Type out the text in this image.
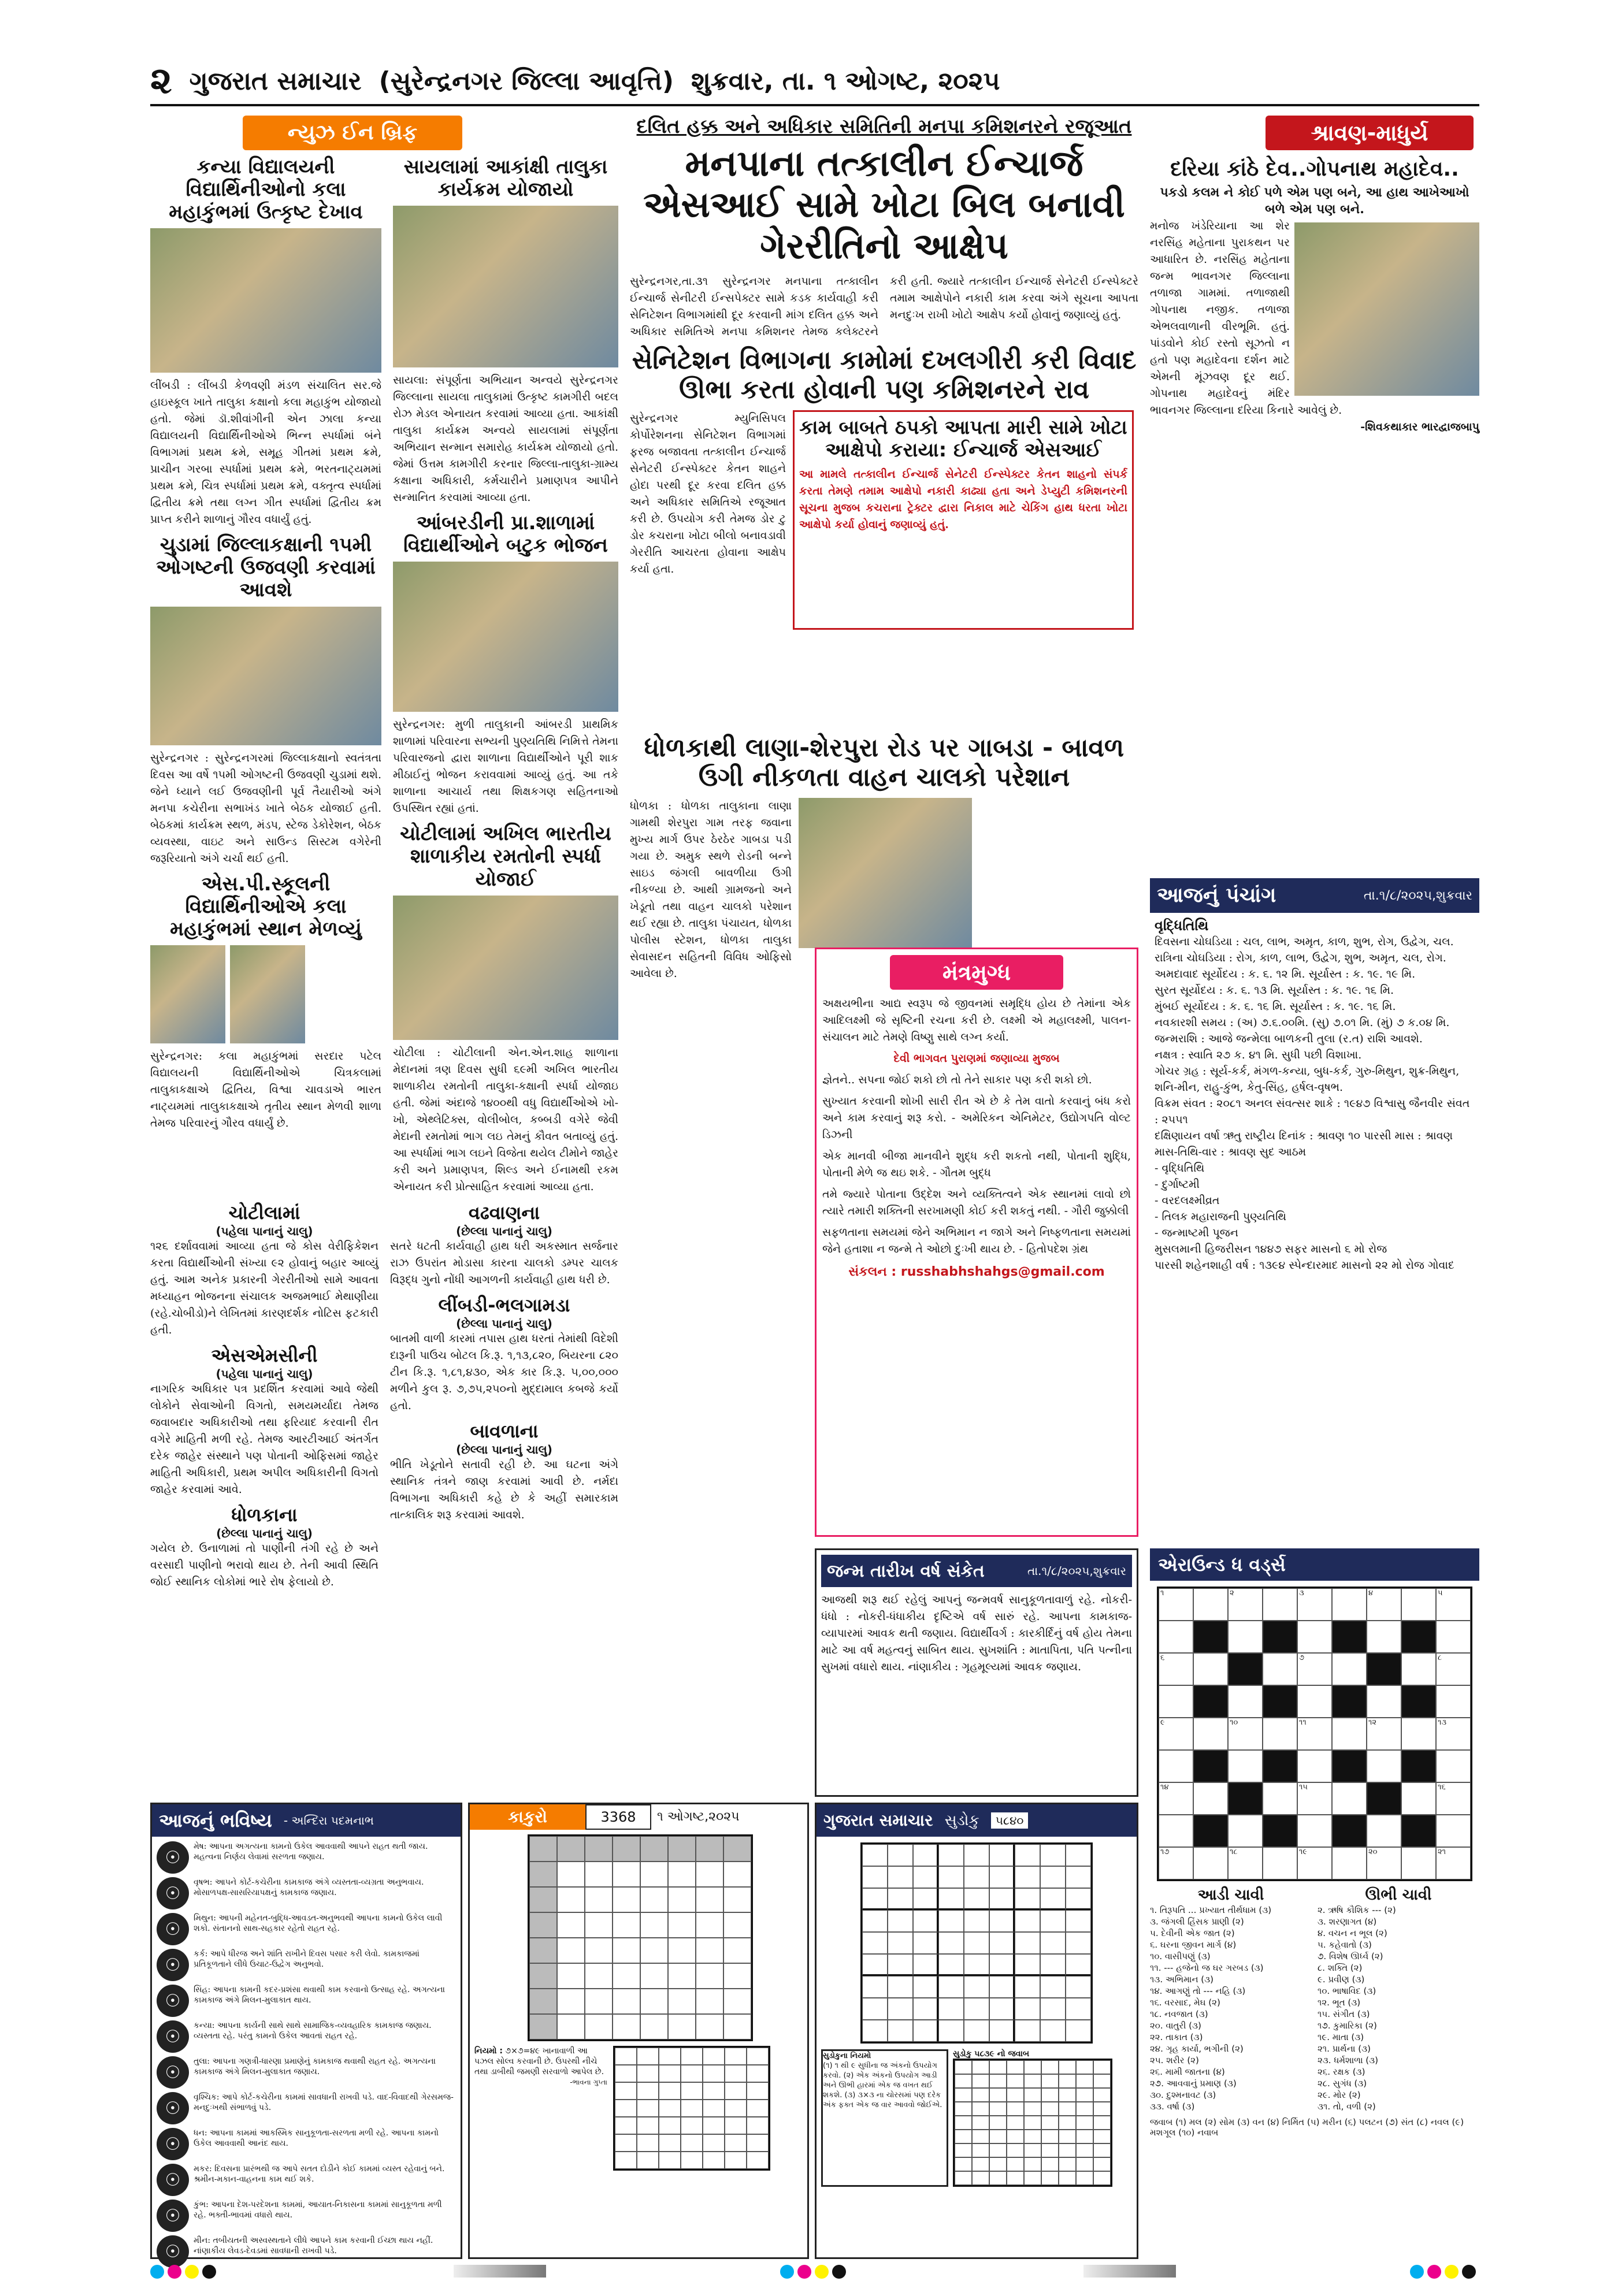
૨ ગુજરાત સમાચાર (સુરેન્દ્રનગર જિલ્લા આવૃત્તિ) શુક્રવાર, તા. ૧ ઓગષ્ટ, ૨૦૨૫
ન્યુઝ ઈન બ્રિફ

કન્યા વિદ્યાલયની વિદ્યાર્થિનીઓનો કલા મહાકુંભમાં ઉત્કૃષ્ટ દેખાવ

લીંબડી : લીંબડી કેળવણી મંડળ સંચાલિત સર.જે હાઇસ્કૂલ ખાતે તાલુકા કક્ષાનો કલા મહાકુંભ યોજાયો હતો. જેમાં ડૉ.શીવાંગીની એન ઝાલા કન્યા વિદ્યાલયની વિદ્યાર્થિનીઓએ ભિન્ન સ્પર્ધામાં બંને વિભાગમાં પ્રથમ ક્રમે, સમૂહ ગીતમાં પ્રથમ ક્રમે, પ્રાચીન ગરબા સ્પર્ધામાં પ્રથમ ક્રમે, ભરતનાટ્યમમાં પ્રથમ ક્રમે, ચિત્ર સ્પર્ધામાં પ્રથમ ક્રમે, વક્તૃત્વ સ્પર્ધામાં દ્વિતીય ક્રમે તથા લગ્ન ગીત સ્પર્ધામાં દ્વિતીય ક્રમ પ્રાપ્ત કરીને શાળાનું ગૌરવ વધાર્યું હતું.

ચુડામાં જિલ્લાકક્ષાની ૧૫મી ઓગષ્ટની ઉજવણી કરવામાં આવશે

સુરેન્દ્રનગર : સુરેન્દ્રનગરમાં જિલ્લાકક્ષાનો સ્વતંત્રતા દિવસ આ વર્ષે ૧૫મી ઓગષ્ટની ઉજવણી ચુડામાં થશે. જેને ધ્યાને લઈ ઉજવણીની પૂર્વ તૈયારીઓ અંગે મનપા કચેરીના સભાખંડ ખાતે બેઠક યોજાઈ હતી. બેઠકમાં કાર્યક્રમ સ્થળ, મંડપ, સ્ટેજ ડેકોરેશન, બેઠક વ્યવસ્થા, વાઇટ અને સાઉન્ડ સિસ્ટમ વગેરેની જરૂરિયાતો અંગે ચર્ચા થઈ હતી.

એસ.પી.સ્કૂલની વિદ્યાર્થિનીઓએ કલા મહાકુંભમાં સ્થાન મેળવ્યું

સુરેન્દ્રનગર: કલા મહાકુંભમાં સરદાર પટેલ વિદ્યાલયની વિદ્યાર્થિનીઓએ ચિત્રકલામાં તાલુકાકક્ષાએ દ્વિતિય, વિશ્વા ચાવડાએ ભારત નાટ્યમમાં તાલુકાકક્ષાએ તૃતીય સ્થાન મેળવી શાળા તેમજ પરિવારનું ગૌરવ વધાર્યું છે.

સાયલામાં આકાંક્ષી તાલુકા કાર્યક્રમ યોજાયો

સાયલા: સંપૂર્ણતા અભિયાન અન્વયે સુરેન્દ્રનગર જિલ્લાના સાયલા તાલુકામાં ઉત્કૃષ્ટ કામગીરી બદલ રોઝ મેડલ એનાયત કરવામાં આવ્યા હતા. આકાંક્ષી તાલુકા કાર્યક્રમ અન્વયે સાયલામાં સંપૂર્ણતા અભિયાન સન્માન સમારોહ કાર્યક્રમ યોજાયો હતો. જેમાં ઉત્તમ કામગીરી કરનાર જિલ્લા-તાલુકા-ગ્રામ્ય કક્ષાના અધિકારી, કર્મચારીને પ્રમાણપત્ર આપીને સન્માનિત કરવામાં આવ્યા હતા.

આંબરડીની પ્રા.શાળામાં વિદ્યાર્થીઓને બટુક ભોજન

સુરેન્દ્રનગર: મુળી તાલુકાની આંબરડી પ્રાથમિક શાળામાં પરિવારના સભ્યની પુણ્યતિથિ નિમિત્તે તેમના પરિવારજનો દ્વારા શાળાના વિદ્યાર્થીઓને પૂરી શાક મીઠાઈનું ભોજન કરાવવામાં આવ્યું હતું. આ તકે શાળાના આચાર્ય તથા શિક્ષકગણ સહિતનાઓ ઉપસ્થિત રહ્યાં હતાં.

ચોટીલામાં અખિલ ભારતીય શાળાકીય રમતોની સ્પર્ધા યોજાઈ

ચોટીલા : ચોટીલાની એન.એન.શાહ શાળાના મેદાનમાં ત્રણ દિવસ સુધી ૬૯મી અખિલ ભારતીય શાળાકીય રમતોની તાલુકા-કક્ષાની સ્પર્ધા યોજાઇ હતી. જેમાં અંદાજે ૧૪૦૦થી વધુ વિદ્યાર્થીઓએ ખો-ખો, એથ્લેટિક્સ, વોલીબોલ, કબ્બડી વગેરે જેવી મેદાની રમતોમાં ભાગ લઇ તેમનું કૌવત બતાવ્યું હતું. આ સ્પર્ધામાં ભાગ લઇને વિજેતા થયેલ ટીમોને જાહેર કરી અને પ્રમાણપત્ર, શિલ્ડ અને ઈનામથી રકમ એનાયત કરી પ્રોત્સાહિત કરવામાં આવ્યા હતા.

દલિત હક્ક અને અધિકાર સમિતિની મનપા કમિશનરને રજૂઆત

મનપાના તત્કાલીન ઈન્ચાર્જ એસઆઈ સામે ખોટા બિલ બનાવી ગેરરીતિનો આક્ષેપ

સુરેન્દ્રનગર,તા.૩૧ સુરેન્દ્રનગર મનપાના તત્કાલીન ઈન્ચાર્જ સેનીટરી ઈન્સપેક્ટર સામે કડક કાર્યવાહી કરી સેનિટેશન વિભાગમાંથી દૂર કરવાની માંગ દલિત હક્ક અને અધિકાર સમિતિએ મનપા કમિશનર તેમજ કલેક્ટરને કરી હતી. જ્યારે તત્કાલીન ઈન્ચાર્જ સેનેટરી ઈન્સ્પેક્ટરે તમામ આક્ષેપોને નકારી કામ કરવા અંગે સૂચના આપતા મનદુઃખ રાખી ખોટો આક્ષેપ કર્યો હોવાનું જણાવ્યું હતું.

સેનિટેશન વિભાગના કામોમાં દખલગીરી કરી વિવાદ ઊભા કરતા હોવાની પણ કમિશનરને રાવ

સુરેન્દ્રનગર મ્યુનિસિપલ કોર્પોરેશનના સેનિટેશન વિભાગમાં ફરજ બજાવતા તત્કાલીન ઈન્ચાર્જ સેનેટરી ઈન્સ્પેક્ટર કેતન શાહને હોદા પરથી દૂર કરવા દલિત હક્ક અને અધિકાર સમિતિએ રજૂઆત કરી છે. ઉપયોગ કરી તેમજ ડોર ટુ ડોર કચરાના ખોટા બીલો બનાવડાવી ગેરરીતિ આચરતા હોવાના આક્ષેપ કર્યા હતા.

કામ બાબતે ઠપકો આપતા મારી સામે ખોટા આક્ષેપો કરાયા: ઈન્ચાર્જ એસઆઈ

આ મામલે તત્કાલીન ઈન્ચાર્જ સેનેટરી ઈન્સ્પેક્ટર કેતન શાહનો સંપર્ક કરતા તેમણે તમામ આક્ષેપો નકારી કાઢ્યા હતા અને ડેપ્યુટી કમિશનરની સૂચના મુજબ કચરાના ટ્રેક્ટર દ્વારા નિકાલ માટે ચેકિંગ હાથ ધરતા ખોટા આક્ષેપો કર્યા હોવાનું જણાવ્યું હતું.

ધોળકાથી લાણા-શેરપુરા રોડ પર ગાબડા - બાવળ ઉગી નીકળતા વાહન ચાલકો પરેશાન

ધોળકા : ધોળકા તાલુકાના લાણા ગામથી શેરપુરા ગામ તરફ જવાના મુખ્ય માર્ગ ઉપર ઠેરઠેર ગાબડા પડી ગયા છે. અમુક સ્થળે રોડની બન્ને સાઇડ જંગલી બાવળીયા ઉગી નીકળ્યા છે. આથી ગ્રામજનો અને ખેડૂતો તથા વાહન ચાલકો પરેશાન થઈ રહ્યા છે. તાલુકા પંચાયત, ધોળકા પોલીસ સ્ટેશન, ધોળકા તાલુકા સેવાસદન સહિતની વિવિધ ઓફિસો આવેલા છે.

શ્રાવણ-માધુર્ય

દરિયા કાંઠે દેવ..ગોપનાથ મહાદેવ..

પકડો કલમ ને કોઈ પળે એમ પણ બને, આ હાથ આખેઆખો બળે એમ પણ બને.

મનોજ ખંડેરિયાના આ શેર નરસિંહ મહેતાના પુરાકથન પર આધારિત છે. નરસિંહ મહેતાના જન્મ ભાવનગર જિલ્લાના તળાજા ગામમાં. તળાજાથી ગોપનાથ નજીક. તળાજા એભલવાળાની વીરભૂમિ. હતું. પાંડવોને કોઈ રસ્તો સૂઝતો ન હતો પણ મહાદેવના દર્શન માટે એમની મૂંઝવણ દૂર થઈ. ગોપનાથ મહાદેવનું મંદિર ભાવનગર જિલ્લાના દરિયા કિનારે આવેલું છે.

-શિવકથાકાર ભારદ્વાજબાપુ

આજનું પંચાંગ	તા.૧/૮/૨૦૨૫,શુક્રવાર
વૃદ્ધિતિથિ
દિવસના ચોઘડિયા : ચલ, લાભ, અમૃત, કાળ, શુભ, રોગ, ઉદ્વેગ, ચલ.
રાત્રિના ચોઘડિયા : રોગ, કાળ, લાભ, ઉદ્વેગ, શુભ, અમૃત, ચલ, રોગ.
અમદાવાદ સૂર્યોદય : ક. ૬. ૧૨ મિ. સૂર્યાસ્ત : ક. ૧૯. ૧૯ મિ.
સુરત સૂર્યોદય : ક. ૬. ૧૩ મિ. સૂર્યાસ્ત : ક. ૧૯. ૧૬ મિ.
મુંબઈ સૂર્યોદય : ક. ૬. ૧૬ મિ. સૂર્યાસ્ત : ક. ૧૯. ૧૬ મિ.
નવકારશી સમય : (અ) ૭.૬.૦૦મિ. (સુ) ૭.૦૧ મિ. (મું) ૭ ક.૦૪ મિ.
જન્મરાશિ : આજે જન્મેલા બાળકની તુલા (ર.ત) રાશિ આવશે.
નક્ષત્ર : સ્વાતિ ૨૭ ક. ૪૧ મિ. સુધી પછી વિશાખા.
ગોચર ગ્રહ : સૂર્ય-કર્ક, મંગળ-કન્યા, બુધ-કર્ક, ગુરુ-મિથુન, શુક્ર-મિથુન, શનિ-મીન, રાહુ-કુંભ, કેતુ-સિંહ, હર્ષલ-વૃષભ.
વિક્રમ સંવત : ૨૦૮૧ અનલ સંવત્સર શાકે : ૧૯૪૭ વિશ્વાસુ જૈનવીર સંવત : ૨૫૫૧
દક્ષિણાયન વર્ષા ઋતુ રાષ્ટ્રીય દિનાંક : શ્રાવણ ૧૦ પારસી માસ : શ્રાવણ
માસ-તિથિ-વાર : શ્રાવણ સુદ આઠમ
- વૃદ્ધિતિથિ
- દુર્ગાષ્ટમી
- વરદલક્ષ્મીવ્રત
- તિલક મહારાજની પુણ્યતિથિ
- જન્માષ્ટમી પૂજન
મુસલમાની હિજરીસન ૧૪૪૭ સફર માસનો ૬ મો રોજ
પારસી શહેનશાહી વર્ષ : ૧૩૯૪ સ્પેન્દારમાદ માસનો ૨૨ મો રોજ ગોવાદ

ચોટીલામાં

(પહેલા પાનાનું ચાલુ)

૧૨૬ દર્શાવવામાં આવ્યા હતા જે કોસ વેરીફિકેશન કરતા વિદ્યાર્થીઓની સંખ્યા ૯૨ હોવાનું બહાર આવ્યું હતું. આમ અનેક પ્રકારની ગેરરીતીઓ સામે આવતા મધ્યાહન ભોજનના સંચાલક અજમભાઈ મેથાણીયા (રહે.ચોબીડો)ને લેખિતમાં કારણદર્શક નોટિસ ફટકારી હતી.

એસએમસીની

(પહેલા પાનાનું ચાલુ)

નાગરિક અધિકાર પત્ર પ્રદર્શિત કરવામાં આવે જેથી લોકોને સેવાઓની વિગતો, સમયમર્યાદા તેમજ જવાબદાર અધિકારીઓ તથા ફરિયાદ કરવાની રીત વગેરે માહિતી મળી રહે. તેમજ આરટીઆઈ અંતર્ગત દરેક જાહેર સંસ્થાને પણ પોતાની ઓફિસમાં જાહેર માહિતી અધિકારી, પ્રથમ અપીલ અધિકારીની વિગતો જાહેર કરવામાં આવે.

ધોળકાના

(છેલ્લા પાનાનું ચાલુ)

ગયેલ છે. ઉનાળામાં તો પાણીની તંગી રહે છે અને વરસાદી પાણીનો ભરાવો થાય છે. તેની આવી સ્થિતિ જોઈ સ્થાનિક લોકોમાં ભારે રોષ ફેલાયો છે.

વઢવાણના

(છેલ્લા પાનાનું ચાલુ)

સતરે ધટતી કાર્યવાહી હાથ ધરી અકસ્માત સર્જનાર રાઝ ઉપરાંત મોડાસા કારના ચાલકો ડમ્પર ચાલક વિરૂદ્ધ ગુનો નોંધી આગળની કાર્યવાહી હાથ ધરી છે.

લીંબડી-ભલગામડા

(છેલ્લા પાનાનું ચાલુ)

બાતમી વાળી કારમાં તપાસ હાથ ધરતાં તેમાંથી વિદેશી દારૂની પાઉચ બોટલ કિ.રૂ. ૧,૧૩,૮૨૦, બિયરના ૮૨૦ ટીન કિ.રૂ. ૧,૮૧,૪૩૦, એક કાર કિ.રૂ. ૫,૦૦,૦૦૦ મળીને કુલ રૂ. ૭,૭૫,૨૫૦નો મુદ્દામાલ કબજે કર્યો હતો.

બાવળાના

(છેલ્લા પાનાનું ચાલુ)

ભીતિ ખેડૂતોને સતાવી રહી છે. આ ઘટના અંગે સ્થાનિક તંત્રને જાણ કરવામાં આવી છે. નર્મદા વિભાગના અધિકારી કહે છે કે અહીં સમારકામ તાત્કાલિક શરૂ કરવામાં આવશે.

મંત્રમુગ્ધ

અક્ષયભીના આદ્ય સ્વરૂપ જે જીવનમાં સમૃદ્ધિ હોય છે તેમાંના એક આદિલક્ષ્મી જે સૃષ્ટિની રચના કરી છે. લક્ષ્મી એ મહાલક્ષ્મી, પાલન-સંચાલન માટે તેમણે વિષ્ણુ સાથે લગ્ન કર્યા.

દેવી ભાગવત પુરાણમાં જણાવ્યા મુજબ

જ્ઞેતને.. સપના જોઈ શકો છો તો તેને સાકાર પણ કરી શકો છો.

સુખ્યાત કરવાની શોખી સારી રીત એ છે કે તેમ વાતો કરવાનું બંધ કરો અને કામ કરવાનું શરૂ કરો. - અમેરિકન એનિમેટર, ઉદ્યોગપતિ વોલ્ટ ડિઝની

એક માનવી બીજા માનવીને શુદ્ધ કરી શકતો નથી, પોતાની શુદ્ધિ, પોતાની મેળે જ થઇ શકે. - ગૌતમ બુદ્ધ

તમે જ્યારે પોતાના ઉદ્દેશ અને વ્યક્તિત્વને એક સ્થાનમાં લાવો છો ત્યારે તમારી શક્તિની સરખામણી કોઈ કરી શકતું નથી. - ગૌરી જુક્કોલી

સફળતાના સમયમાં જેને અભિમાન ન જાગે અને નિષ્ફળતાના સમયમાં જેને હતાશા ન જન્મે તે ઓછો દુઃખી થાય છે. - હિતોપદેશ ગ્રંથ

સંકલન : russhabhshahgs@gmail.com
જન્મ તારીખ વર્ષ સંકેત	તા.૧/૮/૨૦૨૫,શુક્રવાર

આજથી શરૂ થઈ રહેલું આપનું જન્મવર્ષ સાનુકૂળતાવાળું રહે. નોકરી-ધંધો : નોકરી-ધંધાકીય દૃષ્ટિએ વર્ષ સારું રહે. આપના કામકાજ-વ્યાપારમાં આવક થતી જણાય. વિદ્યાર્થીવર્ગ : કારકીર્દિનું વર્ષ હોય તેમના માટે આ વર્ષ મહત્વનું સાબિત થાય. સુખશાંતિ : માતાપિતા, પતિ પત્નીના સુખમાં વધારો થાય. નાંણાકીય : ગૃહમૂલ્યમાં આવક જણાય.

એરાઉન્ડ ધ વર્ડ્સ
૧	૨	૩	૪	૫
૬	૭	૮
૯	૧૦	૧૧	૧૨	૧૩
૧૪	૧૫	૧૬
૧૭	૧૮	૧૯	૨૦	૨૧

આડી ચાવી

૧. તિરૂપતિ ... પ્રખ્યાત તીર્થધામ (૩)
૩. જંગલી હિંસક પ્રાણી (૨)
૫. દેવીની એક જાત (૨)
૬. ઘરના જીવન માર્ગ (૪)
૧૦. વાસીપણું (૩)
૧૧. --- હજેનો જ ઘર ગરબડ (૩)
૧૩. અભિમાન (૩)
૧૪. આગણું તો --- નહિ (૩)
૧૬. વરસાદ, મેઘ (૨)
૧૮. નવજાત (૩)
૨૦. વાતુરી (૩)
૨૨. તાકાત (૩)
૨૪. ગૃહ કાર્યા, ભગીની (૨)
૨૫. શરીર (૨)
૨૬. મામી જાતના (૪)
૨૭. આવવાનું પ્રમાણ (૩)
૩૦. દુશ્મનાવટ (૩)
૩૩. વર્ષા (૩)

ઊભી ચાવી

૨. ઋષિ કૌશિક --- (૨)
૩. શરણાગત (૪)
૪. વચન ન ભૂલ (૨)
૫. કહેવાતો (૩)
૭. વિશેષ ઊર્ધ્વ (૨)
૮. શક્તિ (૨)
૯. પ્રવીણ (૩)
૧૦. ભાષાવિદ (૩)
૧૨. ભૂત (૩)
૧૫. સંગીત (૩)
૧૭. કુમારિકા (૨)
૧૯. માતા (૩)
૨૧. પ્રાર્થના (૩)
૨૩. ધર્મશાળા (૩)
૨૬. રક્ષક (૩)
૨૮. સુગંધ (૩)
૨૯. મોર (૨)
૩૧. તો, વળી (૨)

જવાબ (૧) મલ (૨) સોમ (૩) વન (૪) નિર્મિત (૫) મરીન (૬) પલટન (૭) સંત (૮) નવલ (૯) મશગૂલ (૧૦) નવાબ

આજનું ભવિષ્ય - અન્દિરા પદમનાભ
☉
મેષ: આપના અગત્યના કામનો ઉકેલ આવવાથી આપને રાહત થતી જાય. મહત્વના નિર્ણય લેવામાં સરળતા જણાય.
☉
વૃષભ: આપને કોર્ટ-કચેરીના કામકાજ અંગે વ્યસ્તતા-વ્યગ્રતા અનુભવાય. મોસાળપક્ષ-સાસરિયાપક્ષનું કામકાજ જણાય.
☉
મિથુન: આપની મહેનત-બુદ્ધિ-આવડત-અનુભવથી આપના કામનો ઉકેલ લાવી શકો. સંતાનનો સાથ-સહકાર રહેતો રાહત રહે.
☉
કર્ક: આપે ધીરજ અને શાંતિ રાખીને દિવસ પસાર કરી લેવો. કામકાજમાં પ્રતિકૂળતાને લીધે ઉચાટ-ઉદ્વેગ અનુભવો.
☉
સિંહ: આપના કામની કદર-પ્રશંસા થવાથી કામ કરવાનો ઉત્સાહ રહે. અગત્યના કામકાજ અંગે મિલન-મુલાકાત થાય.
☉
કન્યા: આપના કાર્યની સાથે સાથે સામાજિક-વ્યવહારિક કામકાજ જણાય. વ્યસ્તતા રહે. પરંતુ કામનો ઉકેલ આવતાં રાહત રહે.
☉
તુલા: આપના ગણત્રી-ધારણા પ્રમાણેનું કામકાજ થવાથી રાહત રહે. અગત્યના કામકાજ અંગે મિલન-મુલાકાત જણાય.
☉
વૃશ્ચિક: આપે કોર્ટ-કચેરીના કામમાં સાવધાની રાખવી પડે. વાદ-વિવાદથી ગેરસમજ-મનદુઃખથી સંભાળવું પડે.
☉
ધન: આપના કામમાં આકસ્મિક સાનુકૂળતા-સરળતા મળી રહે. આપના કામનો ઉકેલ આવવાથી આનંદ થાય.
☉
મકર: દિવસના પ્રારંભથી જ આપે સતત દોડીને કોઈ કામમાં વ્યસ્ત રહેવાનું બને. શ્રમીન-મકાન-વાહનના કામ થઈ શકે.
☉
કુંભ: આપના દેશ-પરદેશના કામમાં, આયાત-નિકાસના કામમાં સાનુકૂળતા મળી રહે. ભક્તી-ભાવમાં વધારો થાય.
☉
મીન: તબીયતની અસ્વસ્થતાને લીધે આપને કામ કરવાની ઈચ્છા થાય નહીં. નાંણાકીય લેવડ-દેવડમાં સાવધાની રાખવી પડે.
કાકુરો	3368	૧ ઓગષ્ટ,૨૦૨૫
નિયમો : ૭×૭=૪૯ ખાનાવાળી આ પઝલ સોલ્વ કરવાની છે. ઉપરથી નીચે તથા ડાબીથી જમણી સરવાળો આપેલ છે.
-ભાવના ગુપ્તા
ગુજરાત સમાચાર સુડોકુ	૫૮૪૦
સુડોકુના નિયમો
(૧) ૧ થી ૯ સુધીના જ અંકનો ઉપયોગ કરવો. (૨) એક અંકનો ઉપયોગ આડી અને ઊભી હારમાં એક જ વખત થઈ શકશે. (૩) ૩×૩ ના ચોરસમાં પણ દરેક અંક ફક્ત એક જ વાર આવવો જોઈએ.
સુડોકુ ૫૮૩૯ નો જવાબ
